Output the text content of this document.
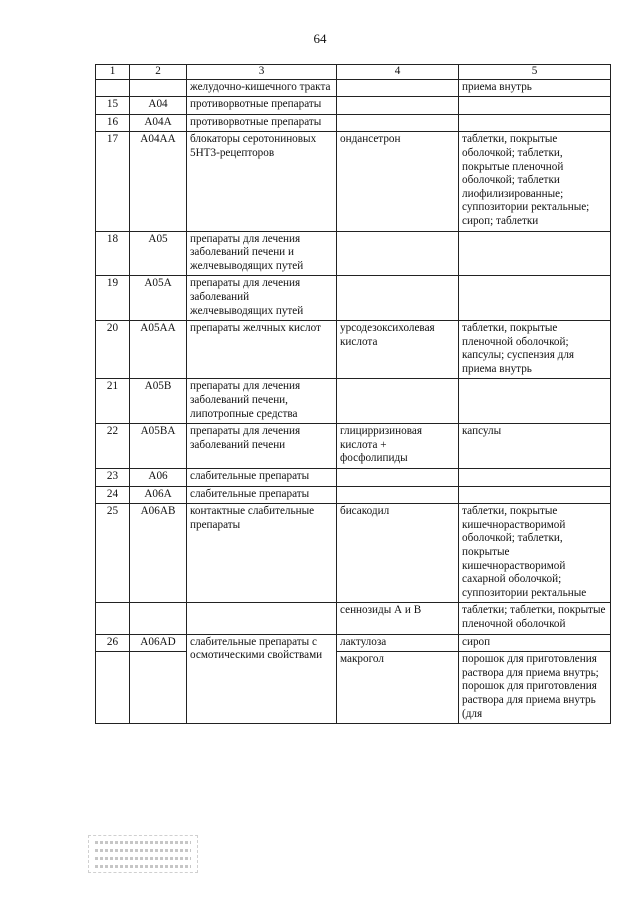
64
1	2	3	4	5
		желудочно-кишечного тракта		приема внутрь
15	A04	противорвотные препараты		
16	A04A	противорвотные препараты		
17	A04AA	блокаторы серотониновых 5НТ3-рецепторов	ондансетрон	таблетки, покрытые оболочкой; таблетки, покрытые пленочной оболочкой; таблетки лиофилизированные; суппозитории ректальные; сироп; таблетки
18	A05	препараты для лечения заболеваний печени и желчевыводящих путей		
19	A05A	препараты для лечения заболеваний желчевыводящих путей		
20	A05AA	препараты желчных кислот	урсодезоксихолевая кислота	таблетки, покрытые пленочной оболочкой; капсулы; суспензия для приема внутрь
21	A05B	препараты для лечения заболеваний печени, липотропные средства		
22	A05BA	препараты для лечения заболеваний печени	глицирризиновая кислота + фосфолипиды	капсулы
23	A06	слабительные препараты		
24	A06A	слабительные препараты		
25	A06AB	контактные слабительные препараты	бисакодил	таблетки, покрытые кишечнорастворимой оболочкой; таблетки, покрытые кишечнорастворимой сахарной оболочкой; суппозитории ректальные
			сеннозиды А и В	таблетки; таблетки, покрытые пленочной оболочкой
26	A06AD	слабительные препараты с осмотическими свойствами	лактулоза	сироп
			макрогол	порошок для приготовления раствора для приема внутрь; порошок для приготовления раствора для приема внутрь (для
